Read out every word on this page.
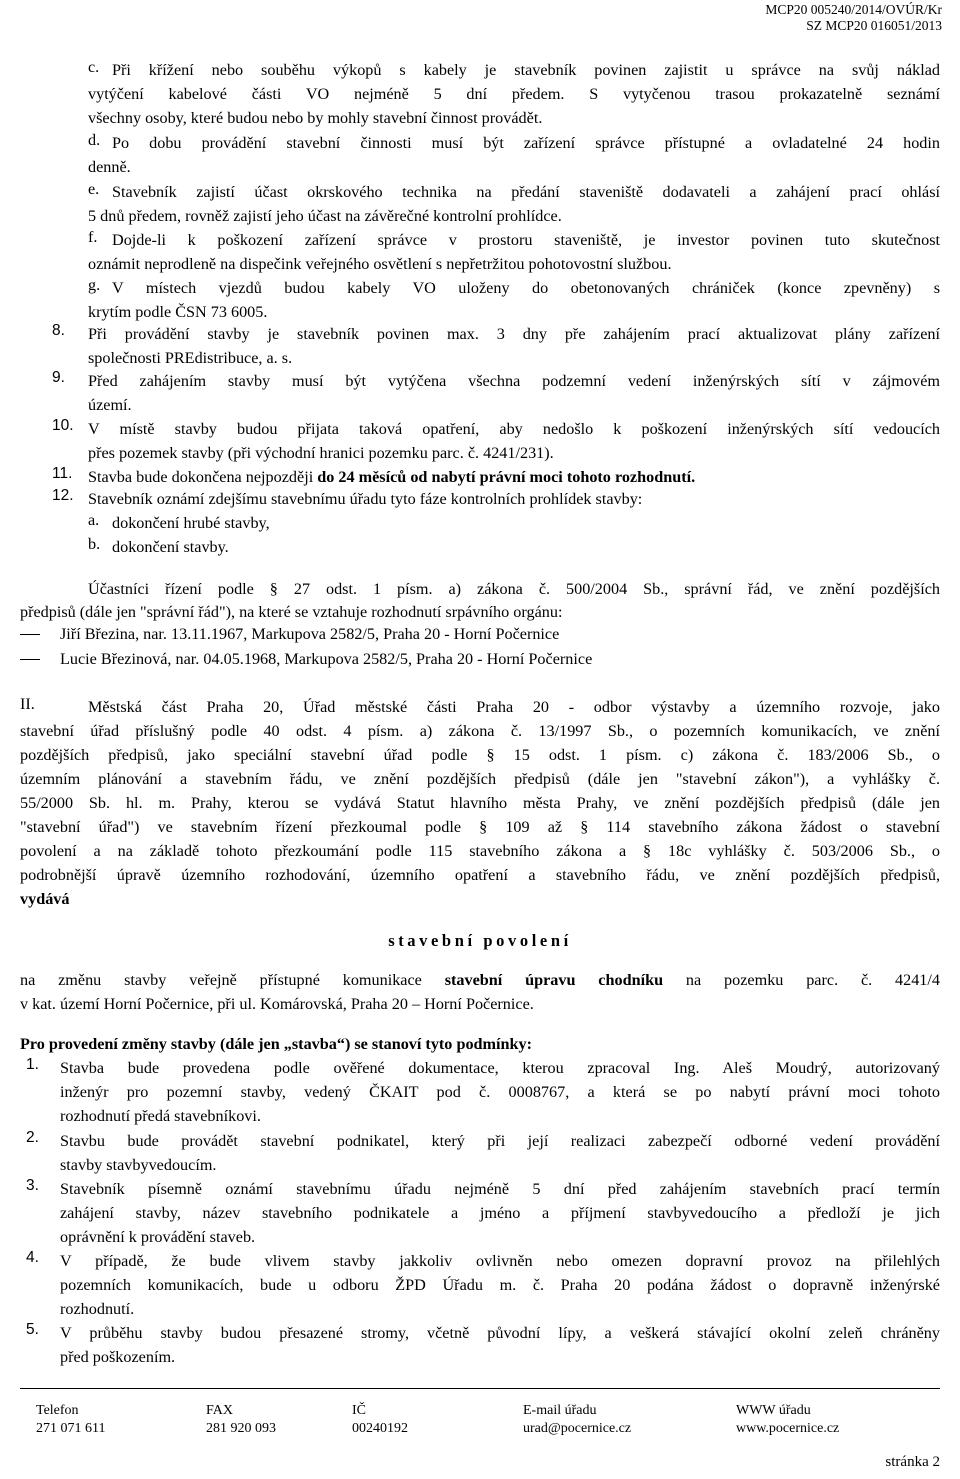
MCP20 005240/2014/OVÚR/Kr
SZ MCP20 016051/2013
c. Při křížení nebo souběhu výkopů s kabely je stavebník povinen zajistit u správce na svůj náklad
vytýčení kabelové části VO nejméně 5 dní předem. S vytyčenou trasou prokazatelně seznámí
všechny osoby, které budou nebo by mohly stavební činnost provádět.
d. Po dobu provádění stavební činnosti musí být zařízení správce přístupné a ovladatelné 24 hodin
denně.
e. Stavebník zajistí účast okrskového technika na předání staveniště dodavateli a zahájení prací ohlásí
5 dnů předem, rovněž zajistí jeho účast na závěrečné kontrolní prohlídce.
f. Dojde-li k poškození zařízení správce v prostoru staveniště, je investor povinen tuto skutečnost
oznámit neprodleně na dispečink veřejného osvětlení s nepřetržitou pohotovostní službou.
g. V místech vjezdů budou kabely VO uloženy do obetonovaných chrániček (konce zpevněny) s
krytím podle ČSN 73 6005.
8. Při provádění stavby je stavebník povinen max. 3 dny pře zahájením prací aktualizovat plány zařízení
společnosti PREdistribuce, a. s.
9. Před zahájením stavby musí být vytýčena všechna podzemní vedení inženýrských sítí v zájmovém
území.
10. V místě stavby budou přijata taková opatření, aby nedošlo k poškození inženýrských sítí vedoucích
přes pozemek stavby (při východní hranici pozemku parc. č. 4241/231).
11. Stavba bude dokončena nejpozději do 24 měsíců od nabytí právní moci tohoto rozhodnutí.
12. Stavebník oznámí zdejšímu stavebnímu úřadu tyto fáze kontrolních prohlídek stavby:
a. dokončení hrubé stavby,
b. dokončení stavby.
Účastníci řízení podle § 27 odst. 1 písm. a) zákona č. 500/2004 Sb., správní řád, ve znění pozdějších
předpisů (dále jen "správní řád"), na které se vztahuje rozhodnutí srpávního orgánu:
Jiří Březina, nar. 13.11.1967, Markupova 2582/5, Praha 20 - Horní Počernice
Lucie Březinová, nar. 04.05.1968, Markupova 2582/5, Praha 20 - Horní Počernice
II.	Městská část Praha 20, Úřad městské části Praha 20 - odbor výstavby a územního rozvoje, jako
stavební úřad příslušný podle 40 odst. 4 písm. a) zákona č. 13/1997 Sb., o pozemních komunikacích, ve znění
pozdějších předpisů, jako speciální stavební úřad podle § 15 odst. 1 písm. c) zákona č. 183/2006 Sb., o
územním plánování a stavebním řádu, ve znění pozdějších předpisů (dále jen "stavební zákon"), a vyhlášky č.
55/2000 Sb. hl. m. Prahy, kterou se vydává Statut hlavního města Prahy, ve znění pozdějších předpisů (dále jen
"stavební úřad") ve stavebním řízení přezkoumal podle § 109 až § 114 stavebního zákona žádost o stavební
povolení a na základě tohoto přezkoumání podle 115 stavebního zákona a § 18c vyhlášky č. 503/2006 Sb., o
podrobnější úpravě územního rozhodování, územního opatření a stavebního řádu, ve znění pozdějších předpisů,
vydává
stavební povolení
na změnu stavby veřejně přístupné komunikace stavební úpravu chodníku na pozemku parc. č. 4241/4
v kat. území Horní Počernice, při ul. Komárovská, Praha 20 – Horní Počernice.
Pro provedení změny stavby (dále jen „stavba“) se stanoví tyto podmínky:
1. Stavba bude provedena podle ověřené dokumentace, kterou zpracoval Ing. Aleš Moudrý, autorizovaný
inženýr pro pozemní stavby, vedený ČKAIT pod č. 0008767, a která se po nabytí právní moci tohoto
rozhodnutí předá stavebníkovi.
2. Stavbu bude provádět stavební podnikatel, který při její realizaci zabezpečí odborné vedení provádění
stavby stavbyvedoucím.
3. Stavebník písemně oznámí stavebnímu úřadu nejméně 5 dní před zahájením stavebních prací termín
zahájení stavby, název stavebního podnikatele a jméno a příjmení stavbyvedoucího a předloží je jich
oprávnění k provádění staveb.
4. V případě, že bude vlivem stavby jakkoliv ovlivněn nebo omezen dopravní provoz na přilehlých
pozemních komunikacích, bude u odboru ŽPD Úřadu m. č. Praha 20 podána žádost o dopravně inženýrské
rozhodnutí.
5. V průběhu stavby budou přesazené stromy, včetně původní lípy, a veškerá stávající okolní zeleň chráněny
před poškozením.
Telefon
271 071 611
FAX
281 920 093
IČ
00240192
E-mail úřadu
urad@pocernice.cz
WWW úřadu
www.pocernice.cz
stránka 2
